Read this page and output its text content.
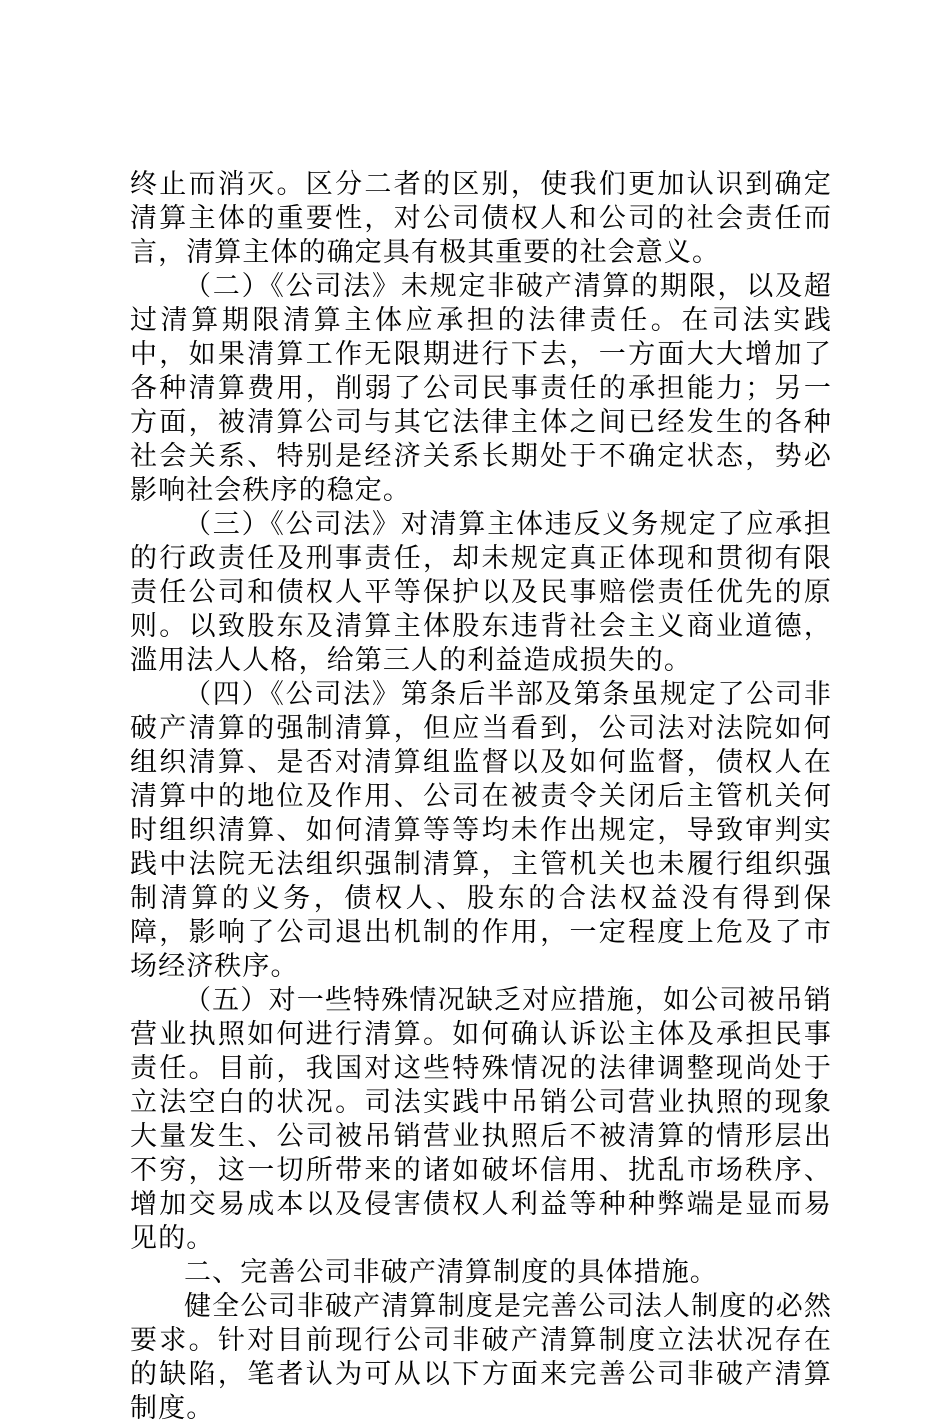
终止而消灭。区分二者的区别，使我们更加认识到确定清算主体的重要性，对公司债权人和公司的社会责任而言，清算主体的确定具有极其重要的社会意义。

（二）《公司法》未规定非破产清算的期限，以及超过清算期限清算主体应承担的法律责任。在司法实践中，如果清算工作无限期进行下去，一方面大大增加了各种清算费用，削弱了公司民事责任的承担能力；另一方面，被清算公司与其它法律主体之间已经发生的各种社会关系、特别是经济关系长期处于不确定状态，势必影响社会秩序的稳定。

（三）《公司法》对清算主体违反义务规定了应承担的行政责任及刑事责任，却未规定真正体现和贯彻有限责任公司和债权人平等保护以及民事赔偿责任优先的原则。以致股东及清算主体股东违背社会主义商业道德，滥用法人人格，给第三人的利益造成损失的。

（四）《公司法》第条后半部及第条虽规定了公司非破产清算的强制清算，但应当看到，公司法对法院如何组织清算、是否对清算组监督以及如何监督，债权人在清算中的地位及作用、公司在被责令关闭后主管机关何时组织清算、如何清算等等均未作出规定，导致审判实践中法院无法组织强制清算，主管机关也未履行组织强制清算的义务，债权人、股东的合法权益没有得到保障，影响了公司退出机制的作用，一定程度上危及了市场经济秩序。

（五）对一些特殊情况缺乏对应措施，如公司被吊销营业执照如何进行清算。如何确认诉讼主体及承担民事责任。目前，我国对这些特殊情况的法律调整现尚处于立法空白的状况。司法实践中吊销公司营业执照的现象大量发生、公司被吊销营业执照后不被清算的情形层出不穷，这一切所带来的诸如破坏信用、扰乱市场秩序、增加交易成本以及侵害债权人利益等种种弊端是显而易见的。

二、完善公司非破产清算制度的具体措施。

健全公司非破产清算制度是完善公司法人制度的必然要求。针对目前现行公司非破产清算制度立法状况存在的缺陷，笔者认为可从以下方面来完善公司非破产清算制度。
